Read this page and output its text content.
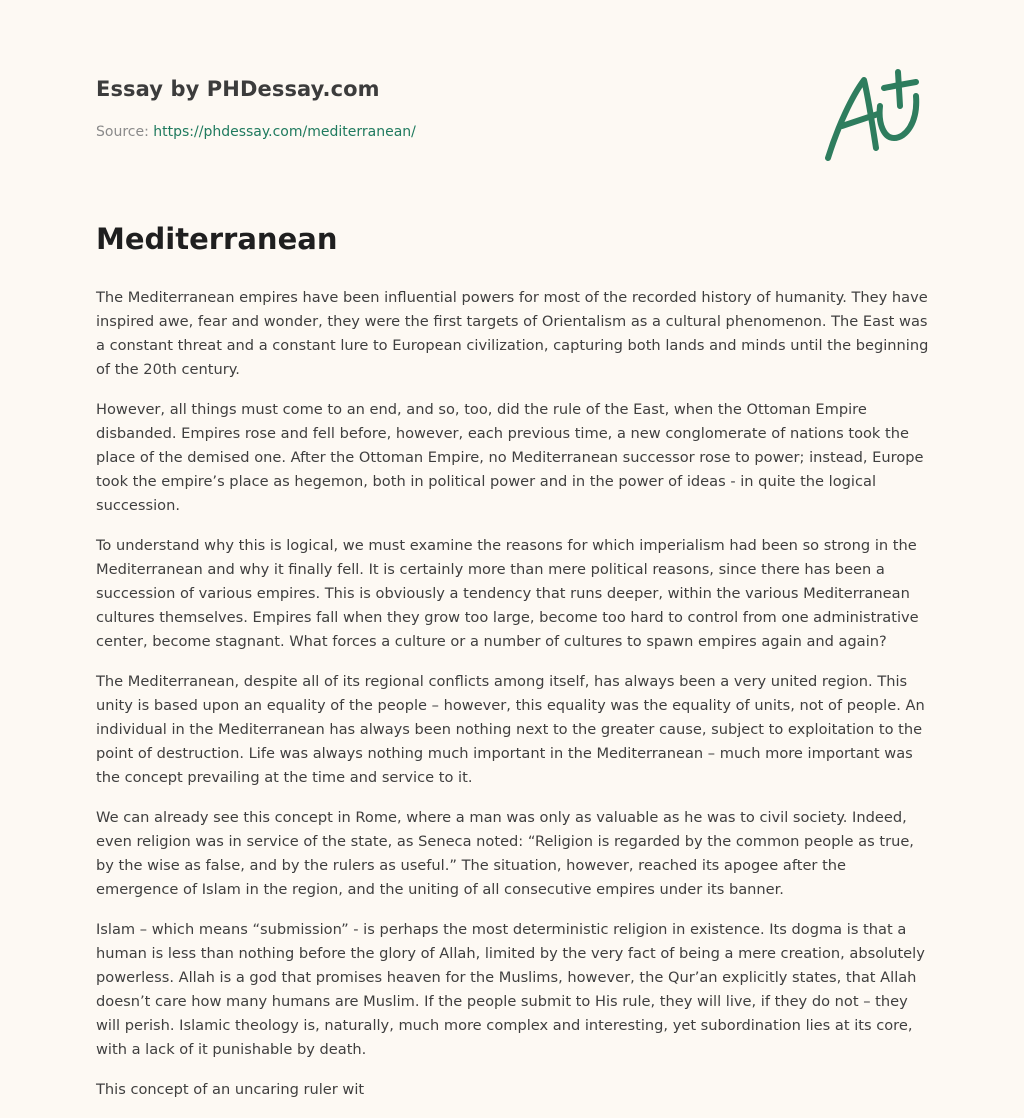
Essay by PHDessay.com

Source: https://phdessay.com/mediterranean/

Mediterranean

The Mediterranean empires have been influential powers for most of the recorded history of humanity. They have inspired awe, fear and wonder, they were the first targets of Orientalism as a cultural phenomenon. The East was a constant threat and a constant lure to European civilization, capturing both lands and minds until the beginning of the 20th century.

However, all things must come to an end, and so, too, did the rule of the East, when the Ottoman Empire disbanded. Empires rose and fell before, however, each previous time, a new conglomerate of nations took the place of the demised one. After the Ottoman Empire, no Mediterranean successor rose to power; instead, Europe took the empire’s place as hegemon, both in political power and in the power of ideas - in quite the logical succession.

To understand why this is logical, we must examine the reasons for which imperialism had been so strong in the Mediterranean and why it finally fell. It is certainly more than mere political reasons, since there has been a succession of various empires. This is obviously a tendency that runs deeper, within the various Mediterranean cultures themselves. Empires fall when they grow too large, become too hard to control from one administrative center, become stagnant. What forces a culture or a number of cultures to spawn empires again and again?

The Mediterranean, despite all of its regional conflicts among itself, has always been a very united region. This unity is based upon an equality of the people – however, this equality was the equality of units, not of people. An individual in the Mediterranean has always been nothing next to the greater cause, subject to exploitation to the point of destruction. Life was always nothing much important in the Mediterranean – much more important was the concept prevailing at the time and service to it.

We can already see this concept in Rome, where a man was only as valuable as he was to civil society. Indeed, even religion was in service of the state, as Seneca noted: “Religion is regarded by the common people as true, by the wise as false, and by the rulers as useful.” The situation, however, reached its apogee after the emergence of Islam in the region, and the uniting of all consecutive empires under its banner.

Islam – which means “submission” - is perhaps the most deterministic religion in existence. Its dogma is that a human is less than nothing before the glory of Allah, limited by the very fact of being a mere creation, absolutely powerless. Allah is a god that promises heaven for the Muslims, however, the Qur’an explicitly states, that Allah doesn’t care how many humans are Muslim. If the people submit to His rule, they will live, if they do not – they will perish. Islamic theology is, naturally, much more complex and interesting, yet subordination lies at its core, with a lack of it punishable by death.

This concept of an uncaring ruler wit
